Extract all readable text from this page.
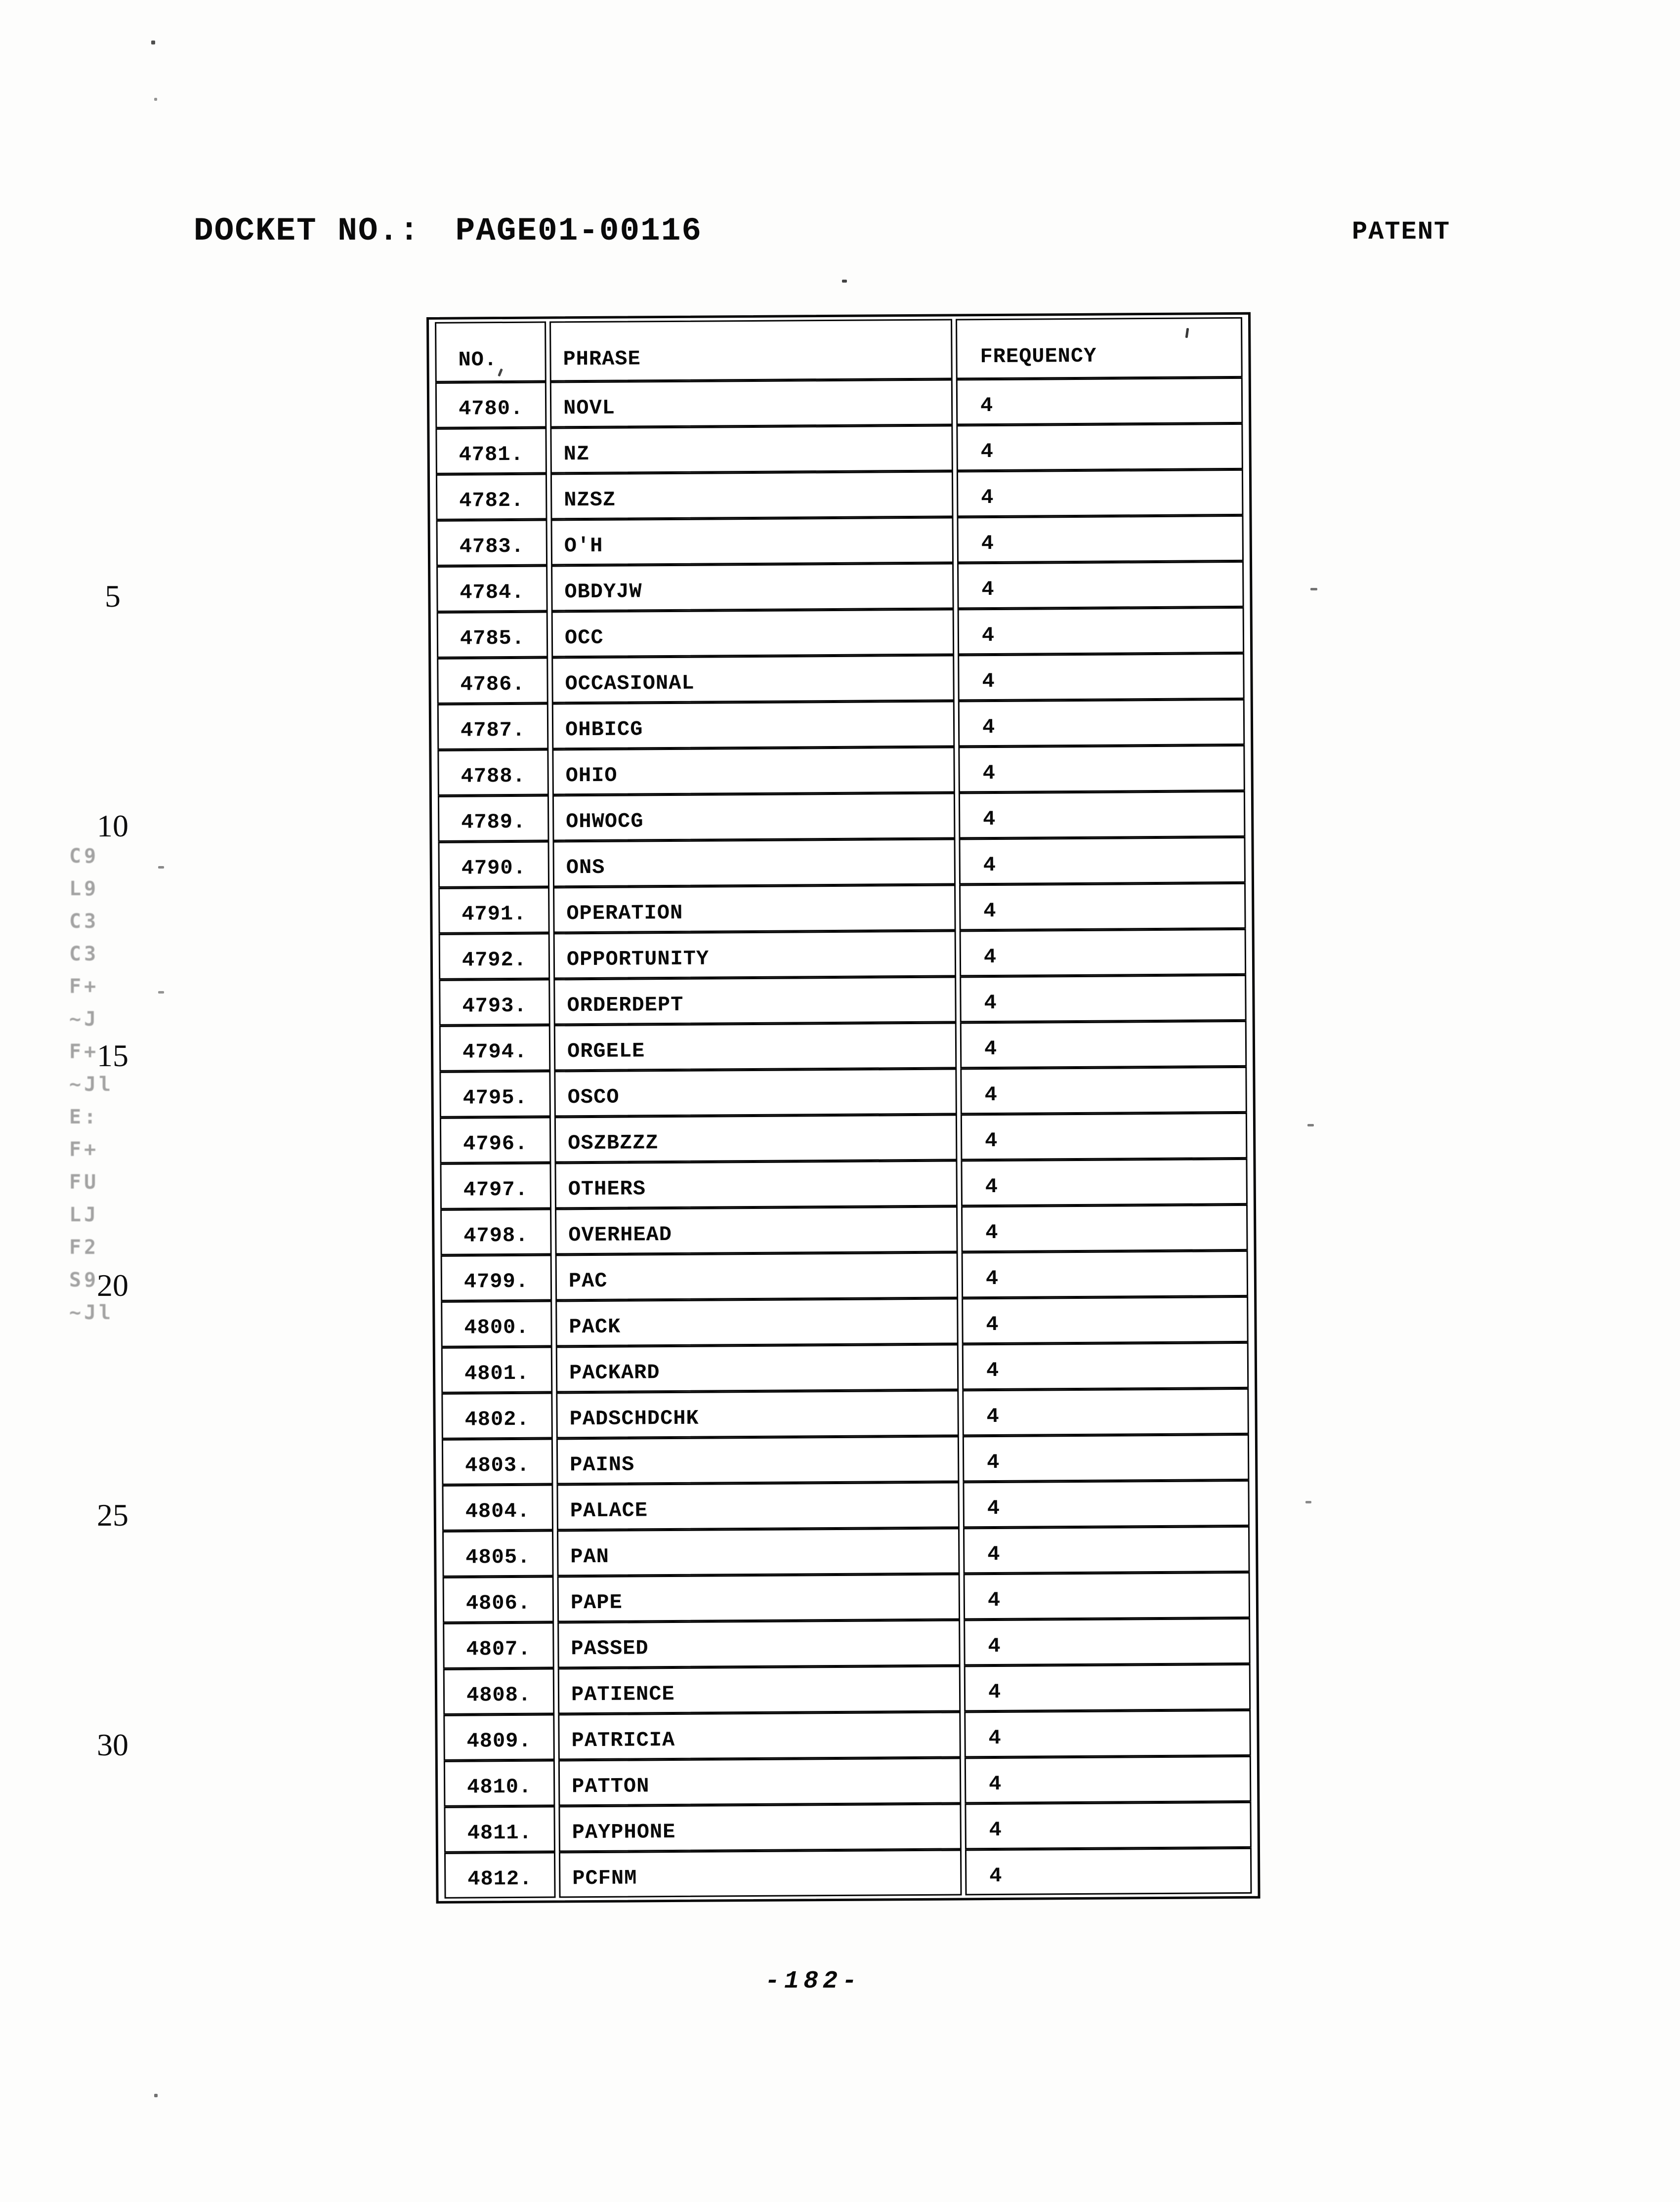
DOCKET NO.: PAGE01-00116	PATENT
5
10
15
20
25
30
C9
L9
C3
C3
F+
~J
F+
~Jl
E:
F+
FU
LJ
F2
S9
~Jl
NO.	PHRASE	FREQUENCY
4780.	NOVL	4
4781.	NZ	4
4782.	NZSZ	4
4783.	O'H	4
4784.	OBDYJW	4
4785.	OCC	4
4786.	OCCASIONAL	4
4787.	OHBICG	4
4788.	OHIO	4
4789.	OHWOCG	4
4790.	ONS	4
4791.	OPERATION	4
4792.	OPPORTUNITY	4
4793.	ORDERDEPT	4
4794.	ORGELE	4
4795.	OSCO	4
4796.	OSZBZZZ	4
4797.	OTHERS	4
4798.	OVERHEAD	4
4799.	PAC	4
4800.	PACK	4
4801.	PACKARD	4
4802.	PADSCHDCHK	4
4803.	PAINS	4
4804.	PALACE	4
4805.	PAN	4
4806.	PAPE	4
4807.	PASSED	4
4808.	PATIENCE	4
4809.	PATRICIA	4
4810.	PATTON	4
4811.	PAYPHONE	4
4812.	PCFNM	4
-182-
